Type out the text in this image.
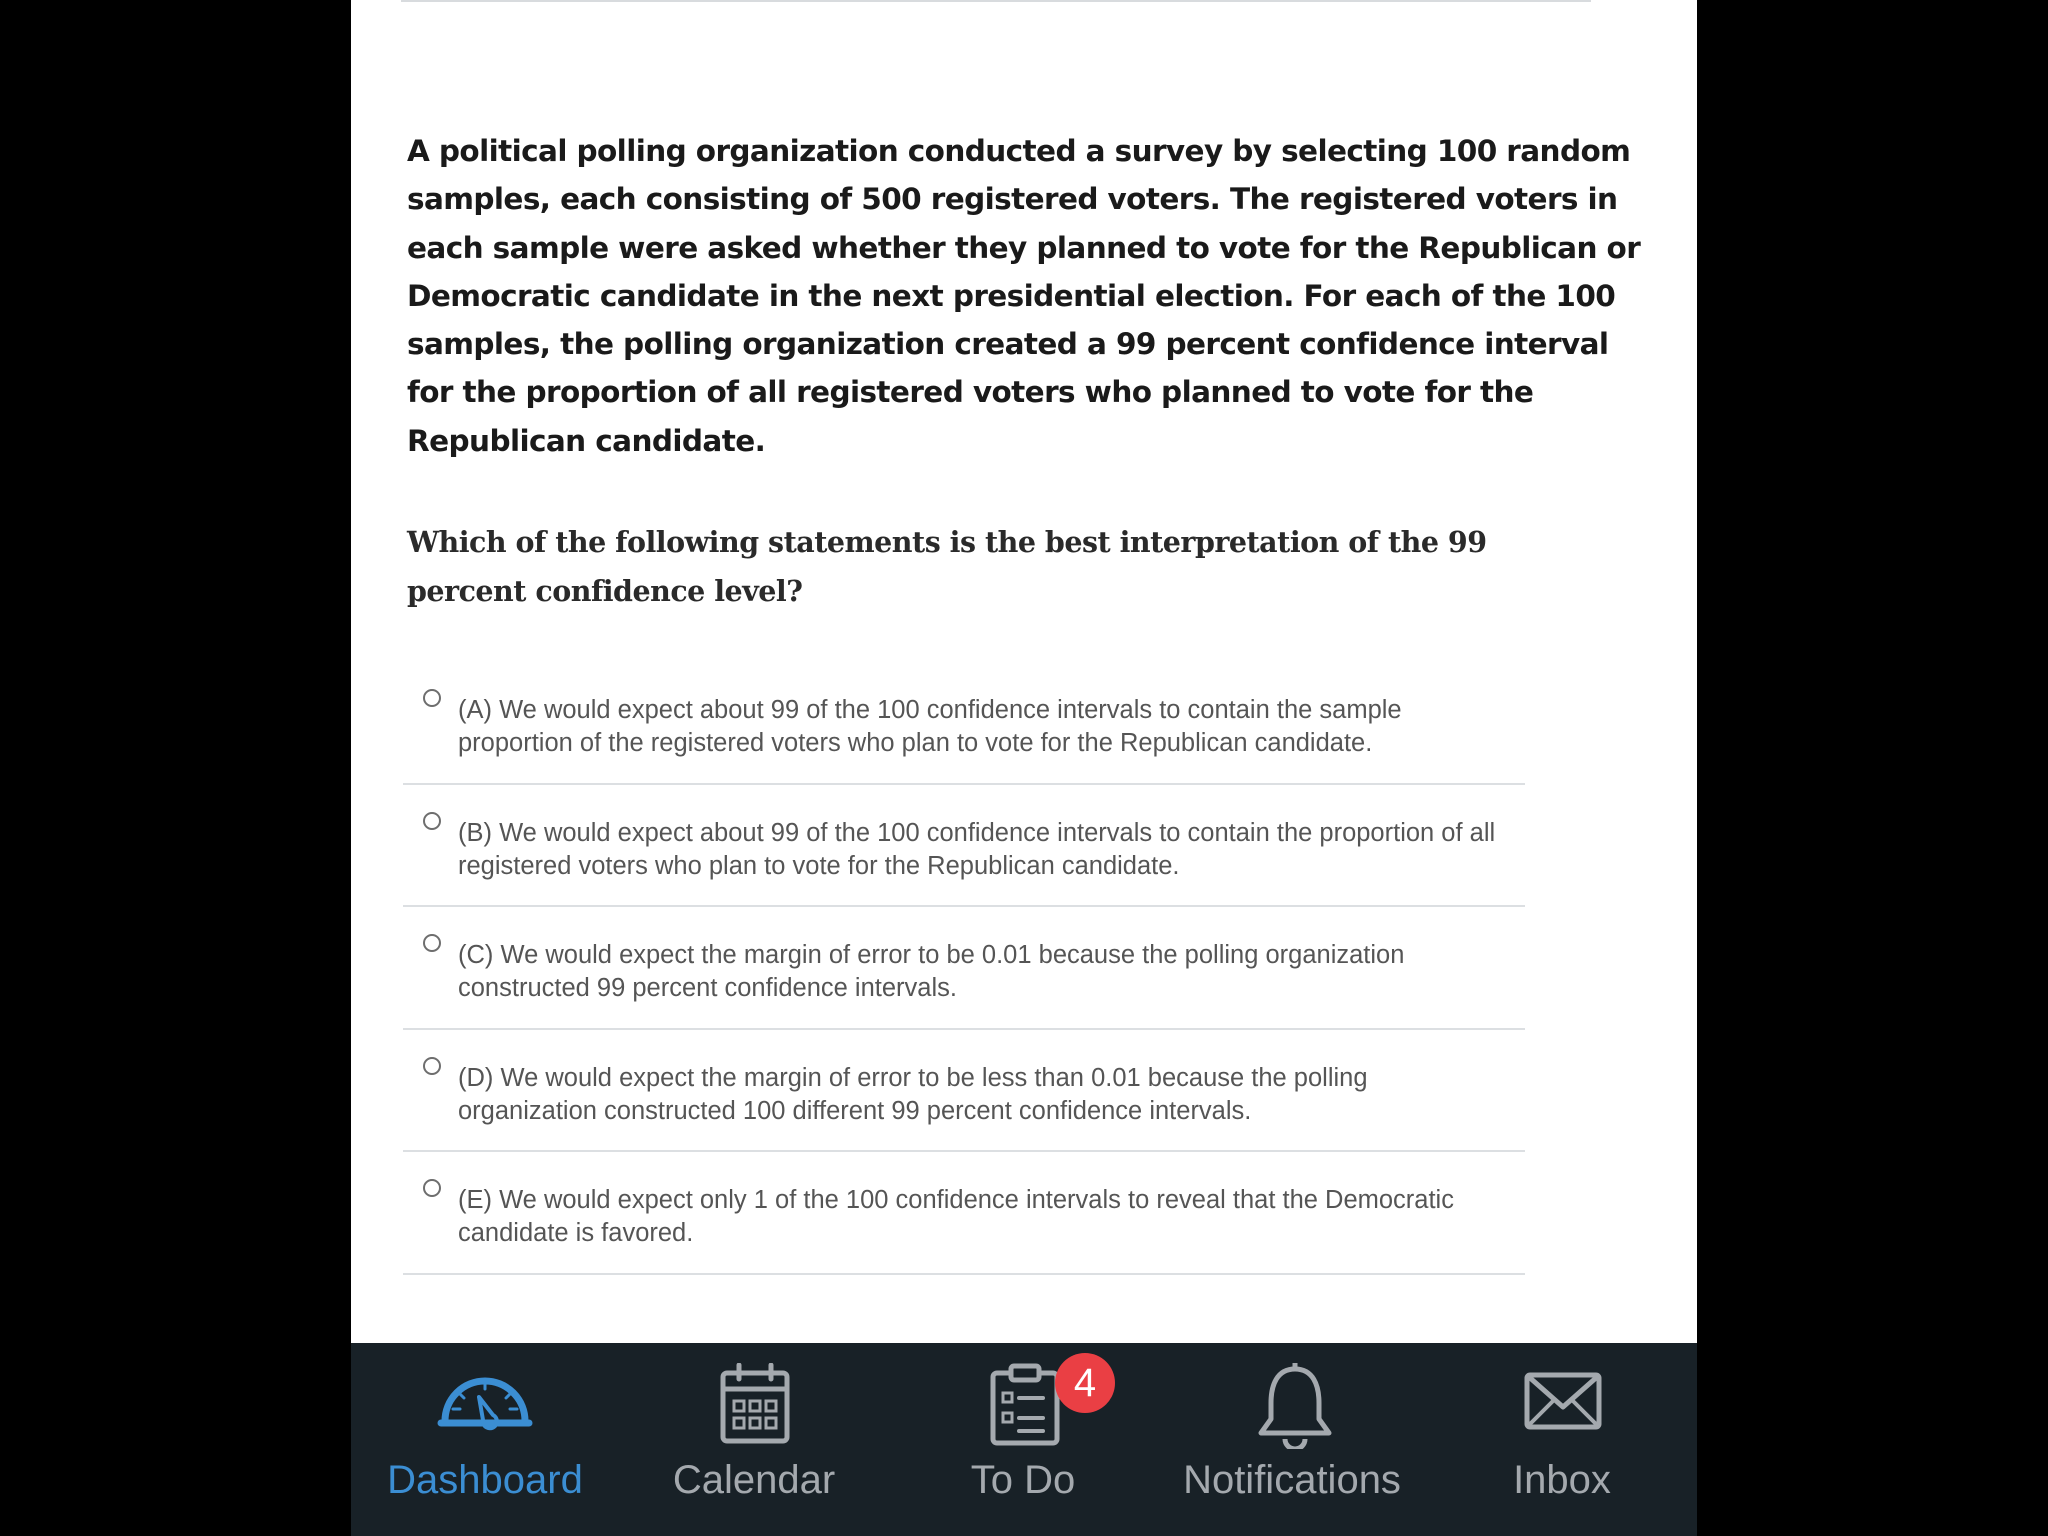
A political polling organization conducted a survey by selecting 100 random samples, each consisting of 500 registered voters. The registered voters in each sample were asked whether they planned to vote for the Republican or Democratic candidate in the next presidential election. For each of the 100 samples, the polling organization created a 99 percent confidence interval for the proportion of all registered voters who planned to vote for the Republican candidate.

Which of the following statements is the best interpretation of the 99 percent confidence level?

(A) We would expect about 99 of the 100 confidence intervals to contain the sample proportion of the registered voters who plan to vote for the Republican candidate.
(B) We would expect about 99 of the 100 confidence intervals to contain the proportion of all registered voters who plan to vote for the Republican candidate.
(C) We would expect the margin of error to be 0.01 because the polling organization constructed 99 percent confidence intervals.
(D) We would expect the margin of error to be less than 0.01 because the polling organization constructed 100 different 99 percent confidence intervals.
(E) We would expect only 1 of the 100 confidence intervals to reveal that the Democratic candidate is favored.
Dashboard	Calendar
4
To Do	Notifications	Inbox
